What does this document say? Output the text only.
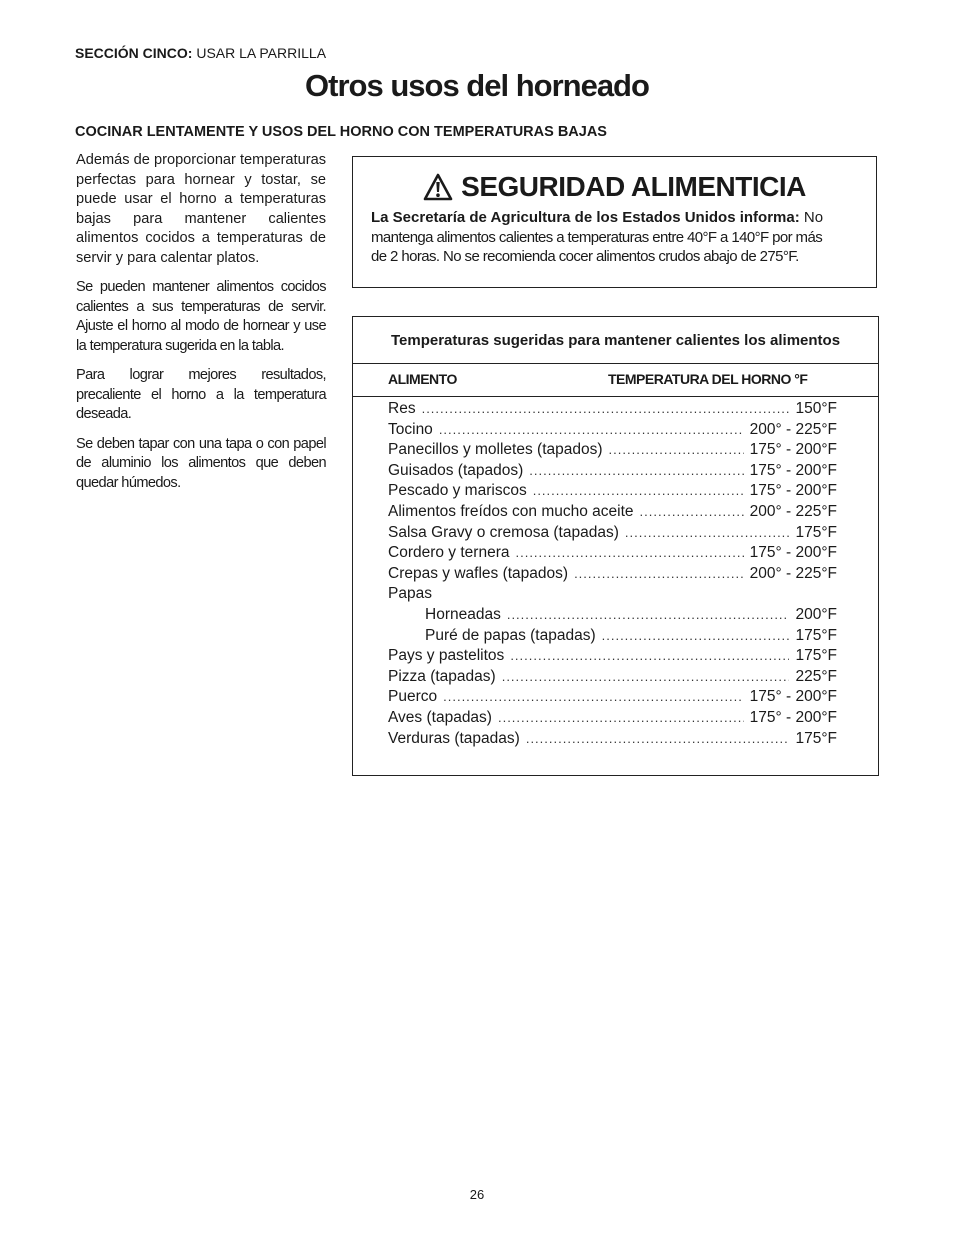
SECCIÓN CINCO: USAR LA PARRILLA
Otros usos del horneado
COCINAR LENTAMENTE Y USOS DEL HORNO CON TEMPERATURAS BAJAS

Además de proporcionar temperaturas perfectas para hornear y tostar, se puede usar el horno a temperaturas bajas para mantener calientes alimentos cocidos a temperaturas de servir y para calentar platos.

Se pueden mantener alimentos cocidos calientes a sus temperaturas de servir. Ajuste el horno al modo de hornear y use la temperatura sugerida en la tabla.

Para lograr mejores resultados, precaliente el horno a la temperatura deseada.

Se deben tapar con una tapa o con papel de aluminio los alimentos que deben quedar húmedos.

SEGURIDAD ALIMENTICIA
La Secretaría de Agricultura de los Estados Unidos informa: No
mantenga alimentos calientes a temperaturas entre 40°F a 140°F por más
de 2 horas. No se recomienda cocer alimentos crudos abajo de 275°F.
Temperaturas sugeridas para mantener calientes los alimentos
ALIMENTO	TEMPERATURA DEL HORNO °F
Res .....	150°F
Tocino .....	200° - 225°F
Panecillos y molletes (tapados) .....	175° - 200°F
Guisados (tapados) .....	175° - 200°F
Pescado y mariscos .....	175° - 200°F
Alimentos freídos con mucho aceite .....	200° - 225°F
Salsa Gravy o cremosa (tapadas) .....	175°F
Cordero y ternera .....	175° - 200°F
Crepas y wafles (tapados) .....	200° - 225°F
Papas
Horneadas .....	200°F
Puré de papas (tapadas) .....	175°F
Pays y pastelitos .....	175°F
Pizza (tapadas) .....	225°F
Puerco .....	175° - 200°F
Aves (tapadas) .....	175° - 200°F
Verduras (tapadas) .....	175°F
26
